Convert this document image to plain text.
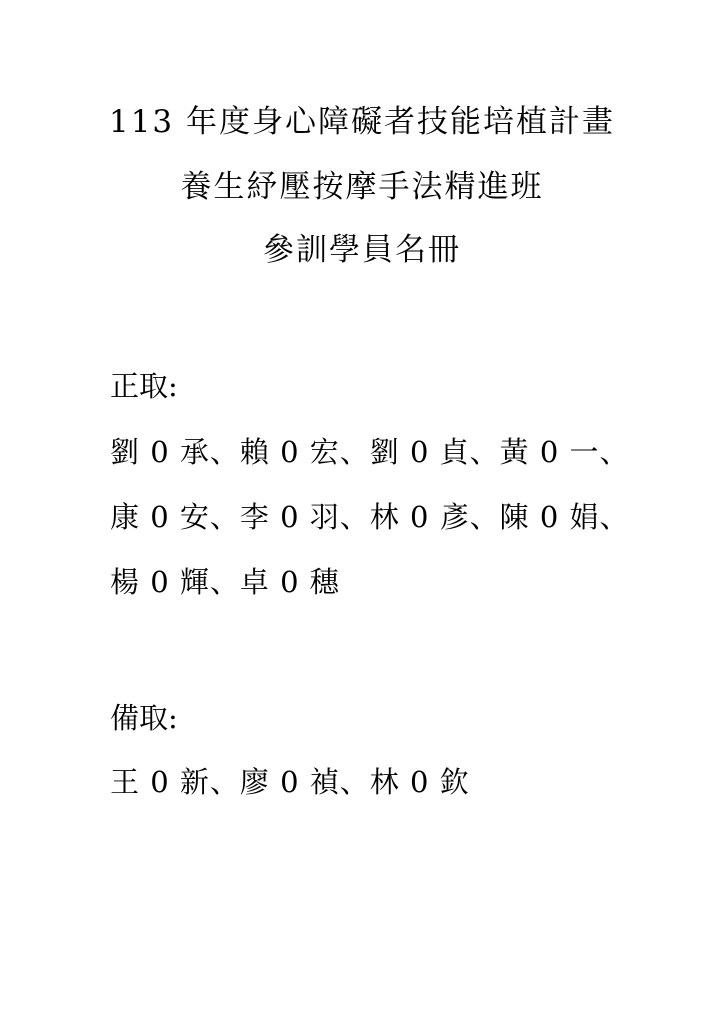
113 年度身心障礙者技能培植計畫
養生紓壓按摩手法精進班
參訓學員名冊
正取:
劉 0 承、賴 0 宏、劉 0 貞、黃 0 一、
康 0 安、李 0 羽、林 0 彥、陳 0 娟、
楊 0 輝、卓 0 穗
備取:
王 0 新、廖 0 禎、林 0 欽
